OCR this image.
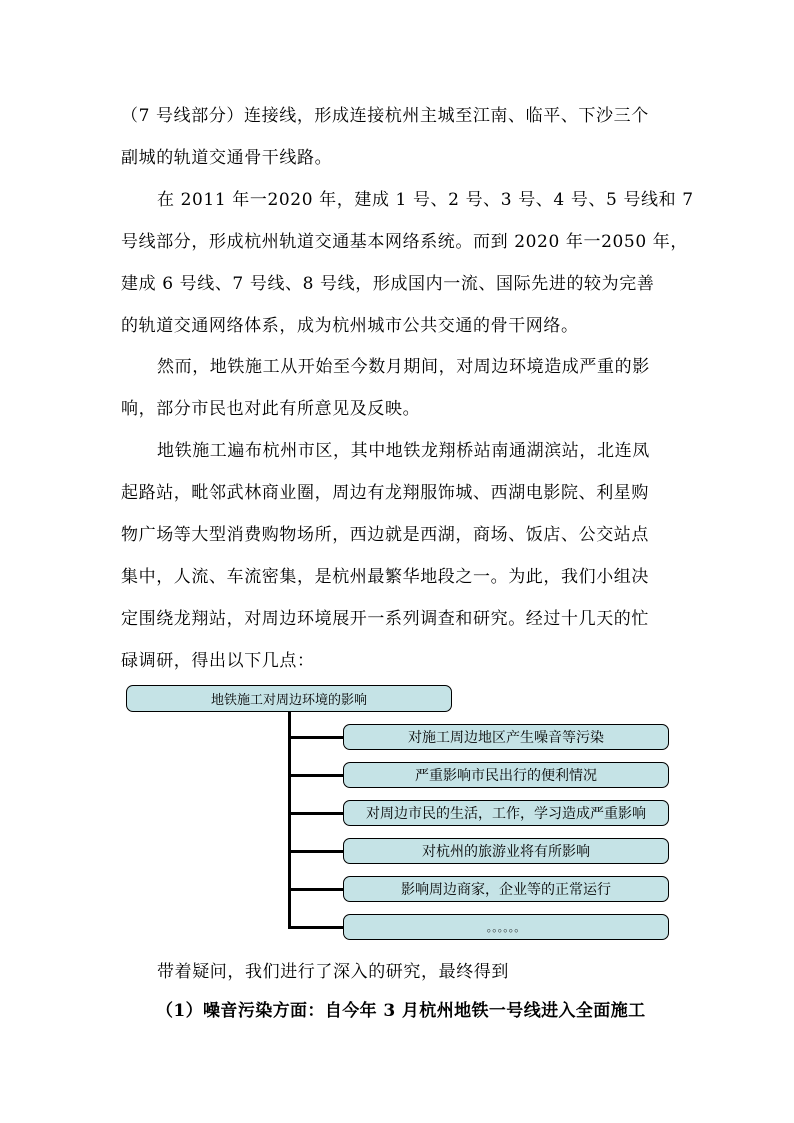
（7 号线部分）连接线，形成连接杭州主城至江南、临平、下沙三个
副城的轨道交通骨干线路。
在 2011 年一2020 年，建成 1 号、2 号、3 号、4 号、5 号线和 7
号线部分，形成杭州轨道交通基本网络系统。而到 2020 年一2050 年，
建成 6 号线、7 号线、8 号线，形成国内一流、国际先进的较为完善
的轨道交通网络体系，成为杭州城市公共交通的骨干网络。
然而，地铁施工从开始至今数月期间，对周边环境造成严重的影
响，部分市民也对此有所意见及反映。
地铁施工遍布杭州市区，其中地铁龙翔桥站南通湖滨站，北连凤
起路站，毗邻武林商业圈，周边有龙翔服饰城、西湖电影院、利星购
物广场等大型消费购物场所，西边就是西湖，商场、饭店、公交站点
集中，人流、车流密集，是杭州最繁华地段之一。为此，我们小组决
定围绕龙翔站，对周边环境展开一系列调查和研究。经过十几天的忙
碌调研，得出以下几点：
地铁施工对周边环境的影响
对施工周边地区产生噪音等污染
严重影响市民出行的便利情况
对周边市民的生活，工作，学习造成严重影响
对杭州的旅游业将有所影响
影响周边商家，企业等的正常运行
。。。。。。
带着疑问，我们进行了深入的研究，最终得到
（1）噪音污染方面：自今年 3 月杭州地铁一号线进入全面施工
